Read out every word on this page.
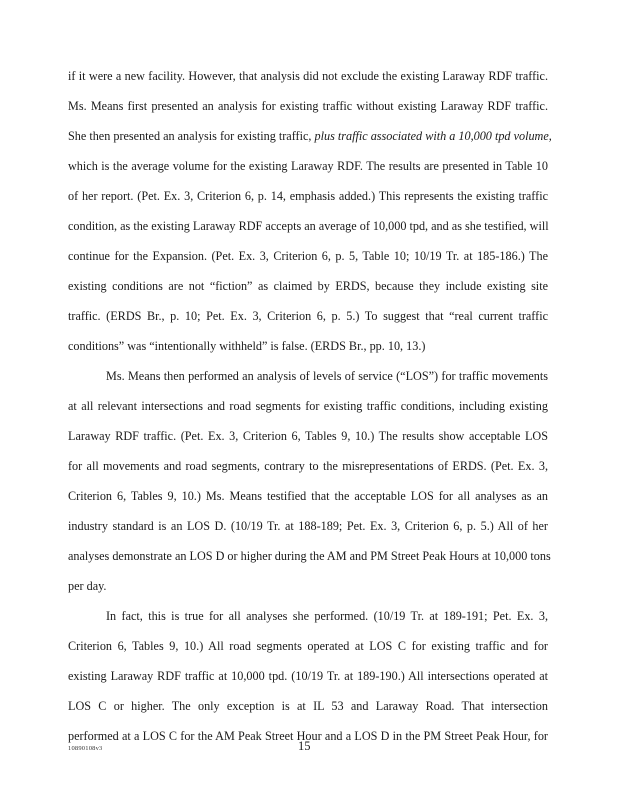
if it were a new facility. However, that analysis did not exclude the existing Laraway RDF traffic.
Ms. Means first presented an analysis for existing traffic without existing Laraway RDF traffic.
She then presented an analysis for existing traffic, plus traffic associated with a 10,000 tpd volume,
which is the average volume for the existing Laraway RDF. The results are presented in Table 10
of her report. (Pet. Ex. 3, Criterion 6, p. 14, emphasis added.) This represents the existing traffic
condition, as the existing Laraway RDF accepts an average of 10,000 tpd, and as she testified, will
continue for the Expansion. (Pet. Ex. 3, Criterion 6, p. 5, Table 10; 10/19 Tr. at 185-186.) The
existing conditions are not “fiction” as claimed by ERDS, because they include existing site
traffic. (ERDS Br., p. 10; Pet. Ex. 3, Criterion 6, p. 5.) To suggest that “real current traffic
conditions” was “intentionally withheld” is false. (ERDS Br., pp. 10, 13.)
Ms. Means then performed an analysis of levels of service (“LOS”) for traffic movements
at all relevant intersections and road segments for existing traffic conditions, including existing
Laraway RDF traffic. (Pet. Ex. 3, Criterion 6, Tables 9, 10.) The results show acceptable LOS
for all movements and road segments, contrary to the misrepresentations of ERDS. (Pet. Ex. 3,
Criterion 6, Tables 9, 10.) Ms. Means testified that the acceptable LOS for all analyses as an
industry standard is an LOS D. (10/19 Tr. at 188-189; Pet. Ex. 3, Criterion 6, p. 5.) All of her
analyses demonstrate an LOS D or higher during the AM and PM Street Peak Hours at 10,000 tons
per day.
In fact, this is true for all analyses she performed. (10/19 Tr. at 189-191; Pet. Ex. 3,
Criterion 6, Tables 9, 10.) All road segments operated at LOS C for existing traffic and for
existing Laraway RDF traffic at 10,000 tpd. (10/19 Tr. at 189-190.) All intersections operated at
LOS C or higher. The only exception is at IL 53 and Laraway Road. That intersection
10890108v3	15
performed at a LOS C for the AM Peak Street Hour and a LOS D in the PM Street Peak Hour, for
